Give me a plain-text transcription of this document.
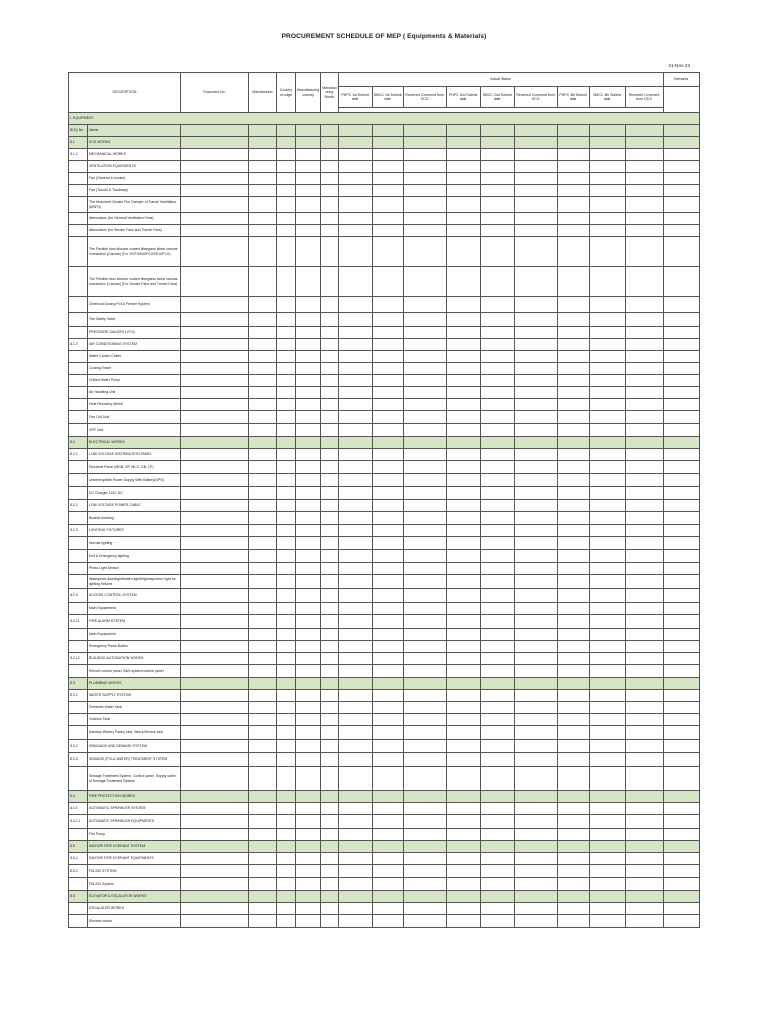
PROCUREMENT SCHEDULE OF MEP ( Equipments & Materials)
21-Nov-23
DESCRIPTION		Document No.	Manufacturer	Country of origin	Manufacturing country	Manufact uring Month	Actual Status									Remarks
							PHPC 1st Submit date	SMCC 1st Submit date	Received Comment from OCG	PHPC 2nd Submit date	SMCC 2nd Submit date	Received Comment from OCG	PHPC 3th Submit date	SMCC 3th Submit date	Received Comment from OCG	

I. EQUIPMENT																
BOQ No.	Name															
8.1	ECS WORKS															
8.1.1	MECHANICAL WORKS															
	VENTILATION EQUIPMENTS															
	Fan (General & smoke)															
	Fan (Tunnel & Trackway)															
	The Motorized Smoke Fire Damper of Tunnel Ventilation (MSFD)															
	Attenuators (for General Ventilation Fans)															
	Attenuators (for Smoke Fans and Tunnel Fans)															
	The Flexible duct silicone coated fiberglass fabric canvas connection (Canvas) (For GVF/AHU/FCU/FEU/FCU)															
	The Flexible duct silicone coated fiberglass fabric canvas connection (Canvas) (For Smoke Fans and Tunnel Fans)															
	Chemical Dosing Pot & Feeder System															
	The Safety Valve															
	PRESSURE GAUGES (VCS)															
8.1.2	AIR CONDITIONING SYSTEM															
	Water Cooled Chiller															
	Cooling Tower															
	Chilled Water Pump															
	Air Handling Unit															
	Heat Recovery Wheel															
	Fan Coil Unit															
	VRF Unit															
8.2	ELECTRICAL WORKS															
8.2.1	LOW VOLTAGE DISTRIBUTION PANEL															
	Electrical Panel (MDB, DP, MCC, DB, LP)															
	Uninterruptible Power Supply With Battery(UPS)															
	DC Charger 110C DC															
8.2.2	LOW VOLTAGE POWER CABLE															
	Busbar trunking															
8.2.3	LIGHTING FIXTURES															
	Normal lighting															
	Exit & Emergency lighting															
	Photo Light Sensor															
	Waterproof downlight/batten light/highbay/mirror light for lighting fixtures															
8.2.9	ACCESS CONTROL SYSTEM															
	Main Equipments															
8.2.11	FIRE ALARM SYSTEM															
	Main Equipments															
	Emergency Press Button															
8.2.12	BUILDING AUTOMATION WORKS															
	Remort control panel, BAS system control panel															
8.3	PLUMBING WORKS															
8.3.1	WATER SUPPLY SYSTEM															
	Domestic Water Tank															
	Cushion Tank															
	Sanitary Wares( Pantry sink, Worry,Service sink															
8.3.2	DRAINAGE AND SEWAGE SYSTEM															
8.3.3	SEWAGE (FOUL WATER) TREATMENT SYSTEM															
	Sewage Treatment System, Control panel, Supply cable of Sewage Treatment System															
8.4	FIRE PROTECTION WORKS															
8.4.1	AUTOMATIC SPRINKLER SYSTEM															
8.4.1.1	AUTOMATIC SPRINKLER EQUIPMENTS															
	Fire Pump															
8.5	INDOOR FIRE HYDRANT SYSTEM															
8.5.1	INDOOR FIRE HYDRANT EQUIPMENTS															
8.5.2	FM-200 SYSTEM															
	FM-200 System															
8.6	ELEVATOR & ESCALATOR WORKS															
	ESCALATOR WORKS															
	Elevator works															
